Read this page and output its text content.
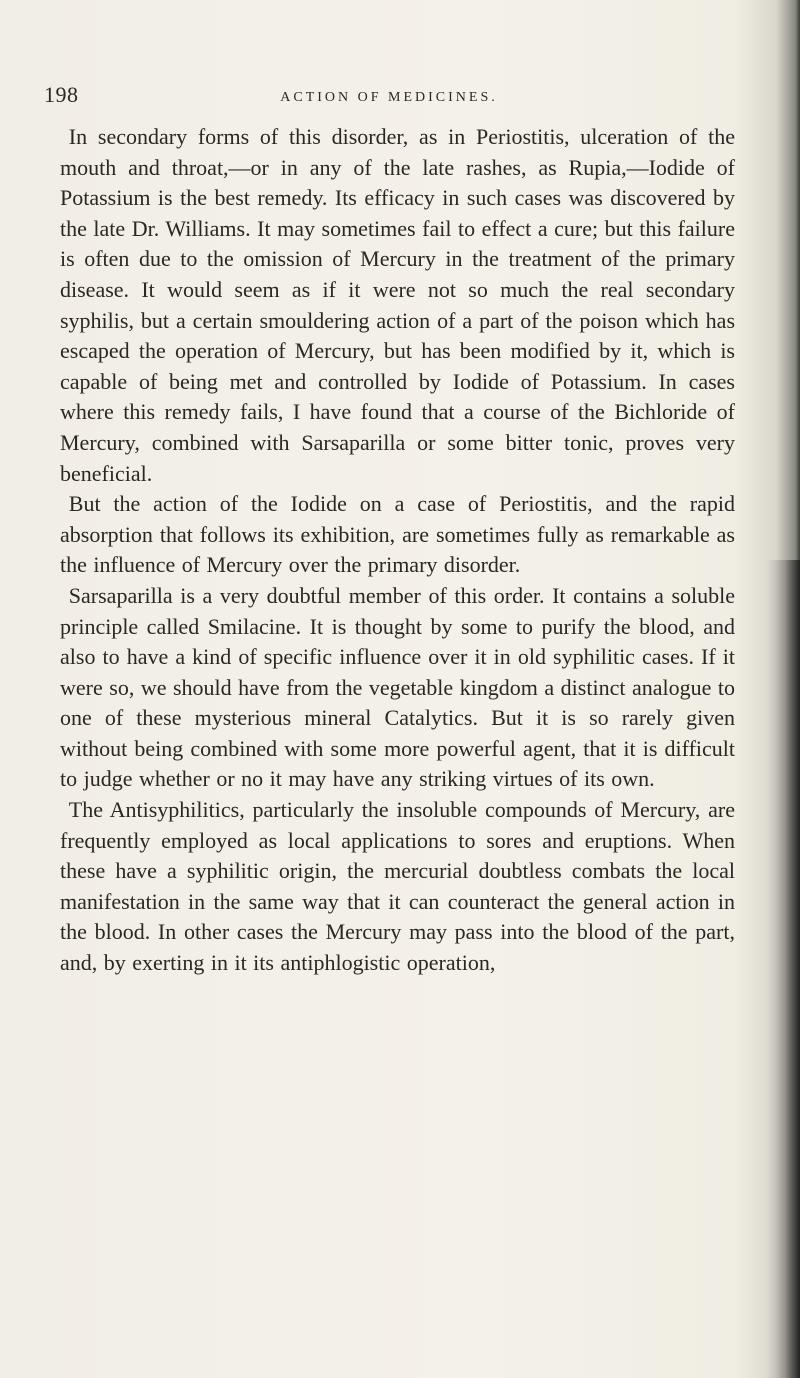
198	ACTION OF MEDICINES.

In secondary forms of this disorder, as in Periostitis, ulceration of the mouth and throat,—or in any of the late rashes, as Rupia,—Iodide of Potassium is the best remedy. Its efficacy in such cases was discovered by the late Dr. Williams. It may sometimes fail to effect a cure; but this failure is often due to the omission of Mercury in the treatment of the primary disease. It would seem as if it were not so much the real secondary syphilis, but a certain smouldering action of a part of the poison which has escaped the operation of Mercury, but has been modified by it, which is capable of being met and controlled by Iodide of Potassium. In cases where this remedy fails, I have found that a course of the Bichloride of Mercury, combined with Sarsaparilla or some bitter tonic, proves very beneficial.

But the action of the Iodide on a case of Periostitis, and the rapid absorption that follows its exhibition, are sometimes fully as remarkable as the influence of Mercury over the primary disorder.

Sarsaparilla is a very doubtful member of this order. It contains a soluble principle called Smilacine. It is thought by some to purify the blood, and also to have a kind of specific influence over it in old syphilitic cases. If it were so, we should have from the vegetable kingdom a distinct analogue to one of these mysterious mineral Catalytics. But it is so rarely given without being combined with some more powerful agent, that it is difficult to judge whether or no it may have any striking virtues of its own.

The Antisyphilitics, particularly the insoluble compounds of Mercury, are frequently employed as local applications to sores and eruptions. When these have a syphilitic origin, the mercurial doubtless combats the local manifestation in the same way that it can counteract the general action in the blood. In other cases the Mercury may pass into the blood of the part, and, by exerting in it its antiphlogistic operation,
